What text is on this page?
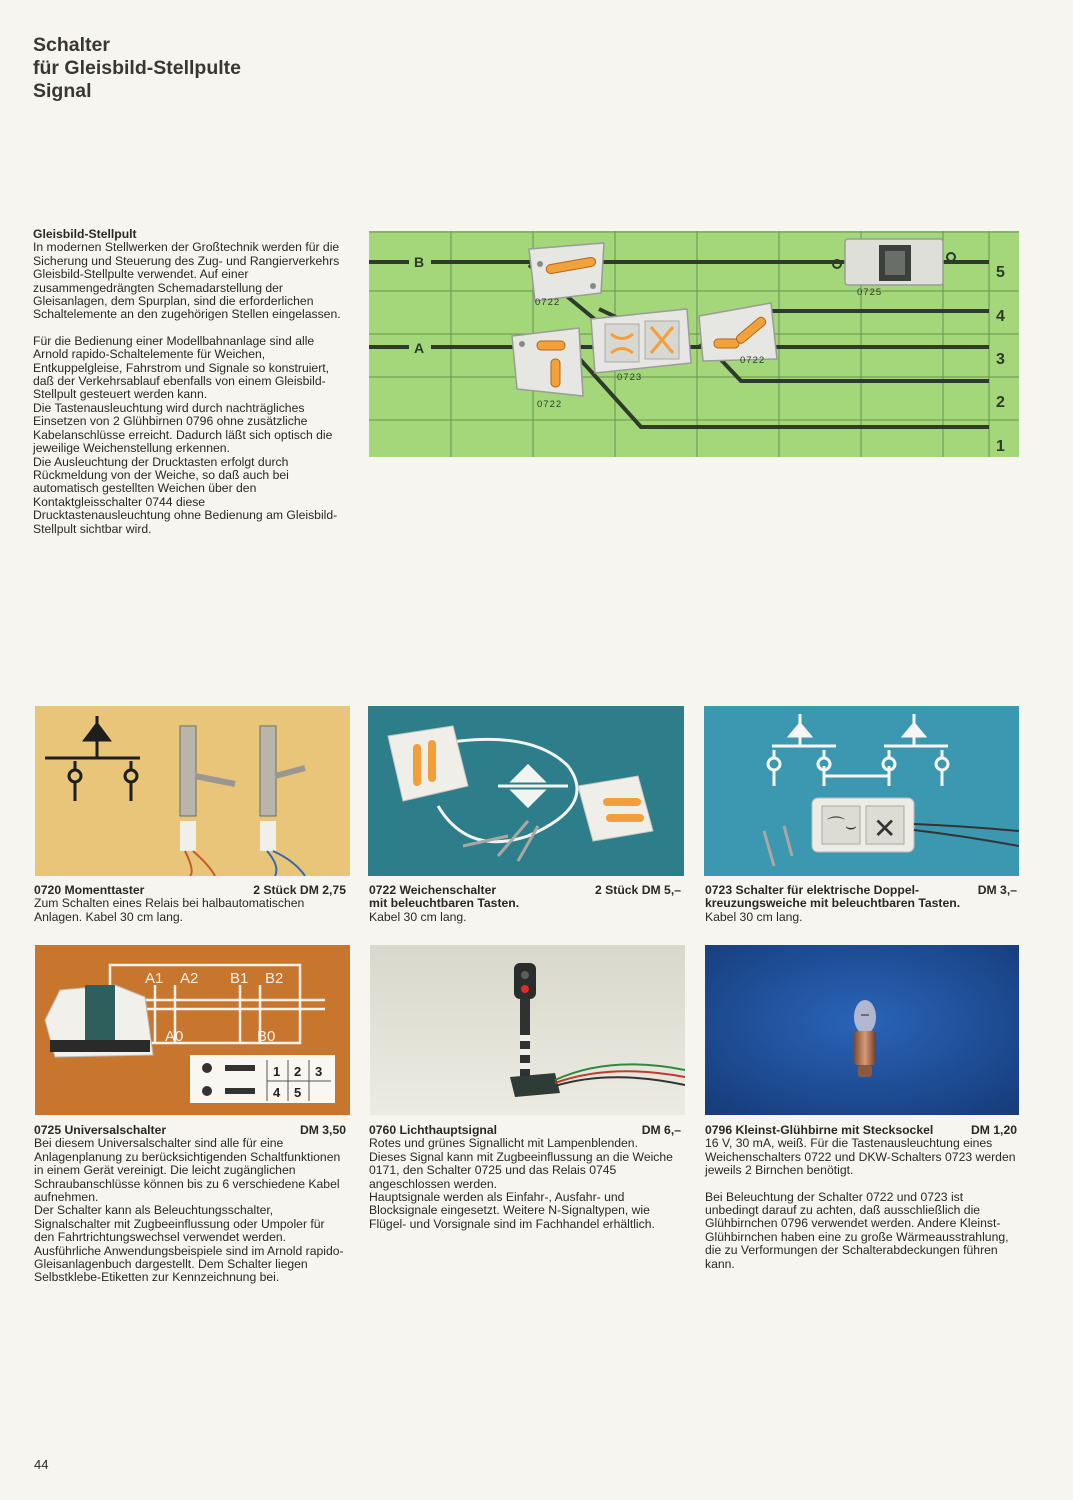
Schalter
für Gleisbild-Stellpulte
Signal
Gleisbild-Stellpult

In modernen Stellwerken der Großtechnik werden für die Sicherung und Steuerung des Zug- und Rangierverkehrs Gleisbild-Stellpulte verwendet. Auf einer zusammengedrängten Schemadarstellung der Gleisanlagen, dem Spurplan, sind die erforderlichen Schaltelemente an den zugehörigen Stellen eingelassen.

Für die Bedienung einer Modellbahnanlage sind alle Arnold rapido-Schaltelemente für Weichen, Entkuppelgleise, Fahrstrom und Signale so konstruiert, daß der Verkehrsablauf ebenfalls von einem Gleisbild-Stellpult gesteuert werden kann.

Die Tastenausleuchtung wird durch nachträgliches Einsetzen von 2 Glühbirnen 0796 ohne zusätzliche Kabelanschlüsse erreicht. Dadurch läßt sich optisch die jeweilige Weichenstellung erkennen.

Die Ausleuchtung der Drucktasten erfolgt durch Rückmeldung von der Weiche, so daß auch bei automatisch gestellten Weichen über den Kontaktgleisschalter 0744 diese Drucktastenausleuchtung ohne Bedienung am Gleisbild-Stellpult sichtbar wird.

B
A
5
4
3
2
1
0722
0723
0722
0722
0725
0720 Momenttaster	2 Stück DM 2,75

Zum Schalten eines Relais bei halbautomatischen Anlagen. Kabel 30 cm lang.

0722 Weichenschalter	2 Stück DM 5,–
mit beleuchtbaren Tasten.

Kabel 30 cm lang.

⌒⌣ ✕
0723 Schalter für elektrische Doppel-	DM 3,–
kreuzungsweiche mit beleuchtbaren Tasten.

Kabel 30 cm lang.

A1 A2 B1 B2
A0	B0
1 2 3
4 5
0725 Universalschalter	DM 3,50

Bei diesem Universalschalter sind alle für eine Anlagenplanung zu berücksichtigenden Schaltfunktionen in einem Gerät vereinigt. Die leicht zugänglichen Schraubanschlüsse können bis zu 6 verschiedene Kabel aufnehmen.

Der Schalter kann als Beleuchtungsschalter, Signalschalter mit Zugbeeinflussung oder Umpoler für den Fahrtrichtungswechsel verwendet werden. Ausführliche Anwendungsbeispiele sind im Arnold rapido-Gleisanlagenbuch dargestellt. Dem Schalter liegen Selbstklebe-Etiketten zur Kennzeichnung bei.

0760 Lichthauptsignal	DM 6,–

Rotes und grünes Signallicht mit Lampenblenden.

Dieses Signal kann mit Zugbeeinflussung an die Weiche 0171, den Schalter 0725 und das Relais 0745 angeschlossen werden.

Hauptsignale werden als Einfahr-, Ausfahr- und Blocksignale eingesetzt. Weitere N-Signaltypen, wie Flügel- und Vorsignale sind im Fachhandel erhältlich.

0796 Kleinst-Glühbirne mit Stecksockel	DM 1,20

16 V, 30 mA, weiß. Für die Tastenausleuchtung eines Weichenschalters 0722 und DKW-Schalters 0723 werden jeweils 2 Birnchen benötigt.

Bei Beleuchtung der Schalter 0722 und 0723 ist unbedingt darauf zu achten, daß ausschließlich die Glühbirnchen 0796 verwendet werden. Andere Kleinst-Glühbirnchen haben eine zu große Wärmeausstrahlung, die zu Verformungen der Schalterabdeckungen führen kann.

44
